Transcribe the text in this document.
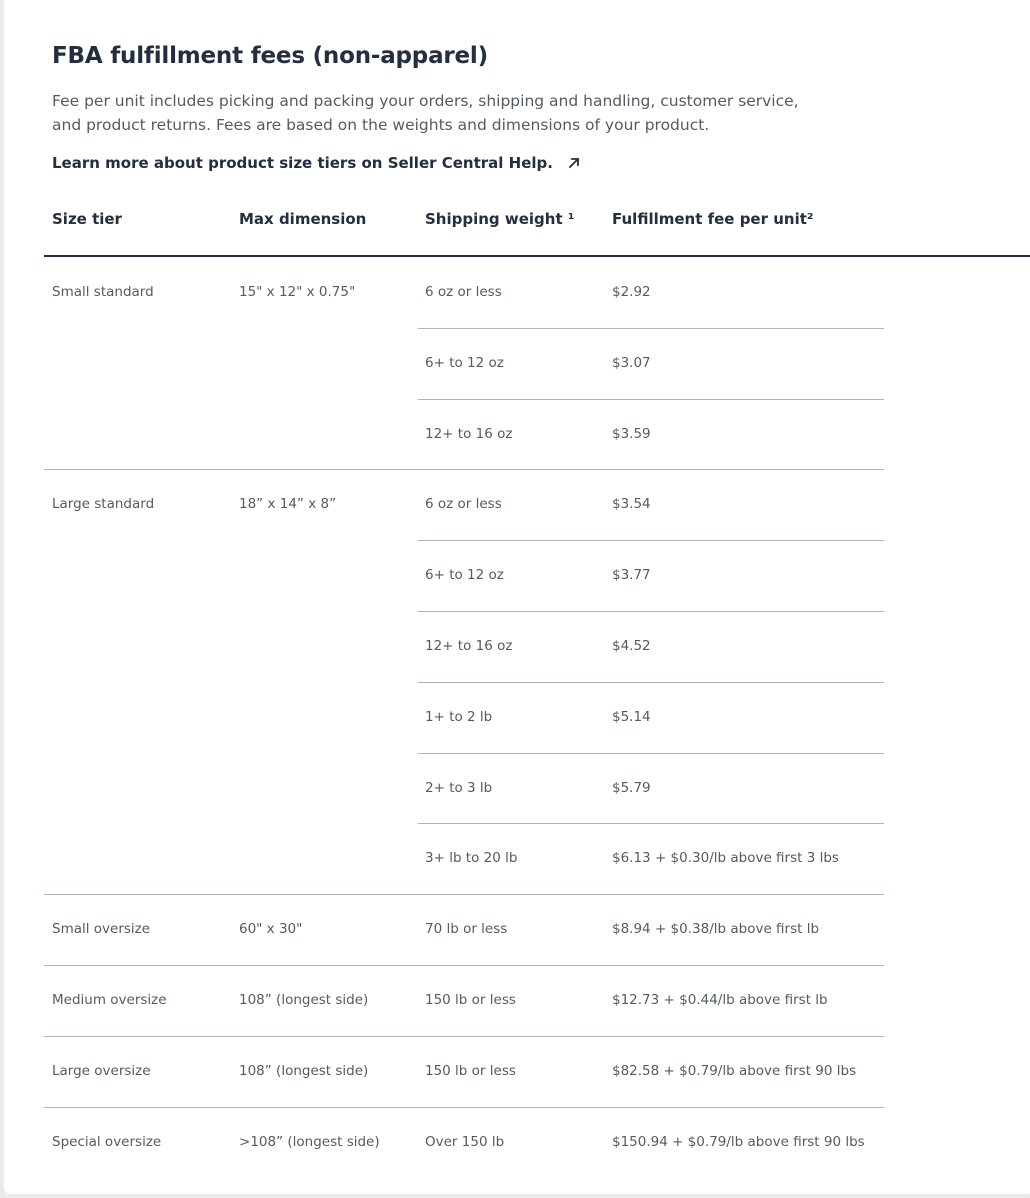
FBA fulfillment fees (non-apparel)

Fee per unit includes picking and packing your orders, shipping and handling, customer service, and product returns. Fees are based on the weights and dimensions of your product.

Learn more about product size tiers on Seller Central Help.
Size tier	Max dimension	Shipping weight ¹	Fulfillment fee per unit²
Small standard	15" x 12" x 0.75"	6 oz or less	$2.92
6+ to 12 oz	$3.07
12+ to 16 oz	$3.59
Large standard	18” x 14” x 8”	6 oz or less	$3.54
6+ to 12 oz	$3.77
12+ to 16 oz	$4.52
1+ to 2 lb	$5.14
2+ to 3 lb	$5.79
3+ lb to 20 lb	$6.13 + $0.30/lb above first 3 lbs
Small oversize	60" x 30"	70 lb or less	$8.94 + $0.38/lb above first lb
Medium oversize	108” (longest side)	150 lb or less	$12.73 + $0.44/lb above first lb
Large oversize	108” (longest side)	150 lb or less	$82.58 + $0.79/lb above first 90 lbs
Special oversize	>108” (longest side)	Over 150 lb	$150.94 + $0.79/lb above first 90 lbs
